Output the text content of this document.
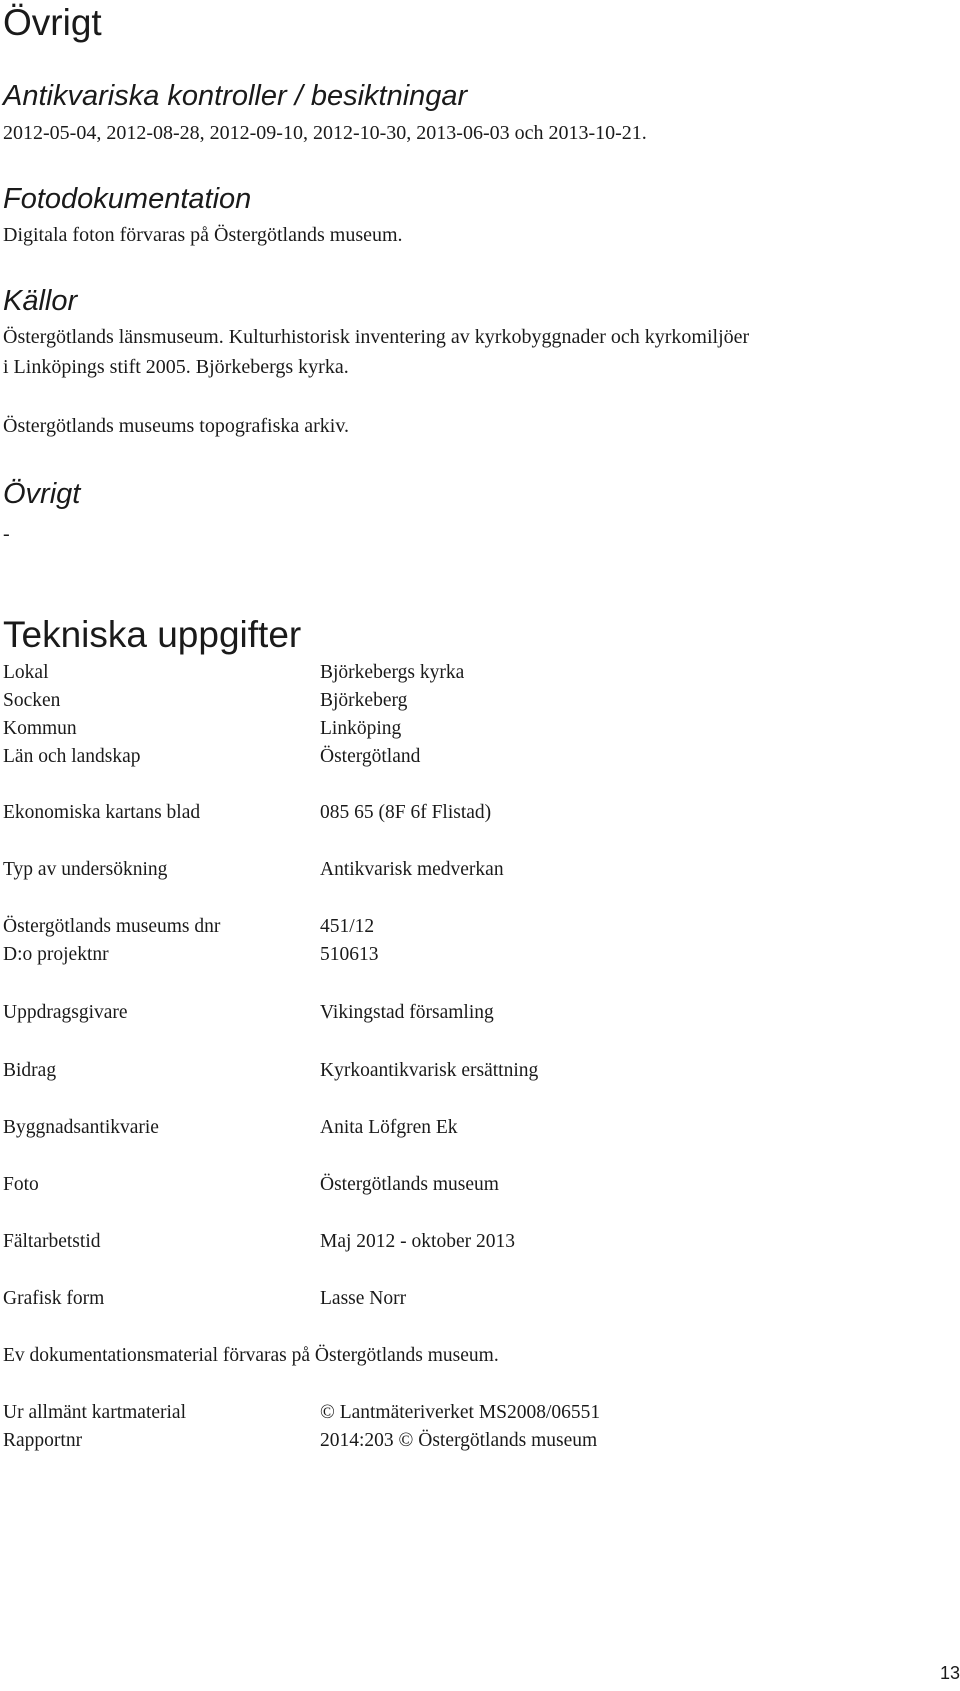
Övrigt
Antikvariska kontroller / besiktningar
2012-05-04, 2012-08-28, 2012-09-10, 2012-10-30, 2013-06-03 och 2013-10-21.
Fotodokumentation
Digitala foton förvaras på Östergötlands museum.
Källor
Östergötlands länsmuseum. Kulturhistorisk inventering av kyrkobyggnader och kyrkomiljöer
i Linköpings stift 2005. Björkebergs kyrka.
Östergötlands museums topografiska arkiv.
Övrigt
-
Tekniska uppgifter
Lokal	Björkebergs kyrka
Socken	Björkeberg
Kommun	Linköping
Län och landskap	Östergötland
Ekonomiska kartans blad	085 65 (8F 6f Flistad)
Typ av undersökning	Antikvarisk medverkan
Östergötlands museums dnr	451/12
D:o projektnr	510613
Uppdragsgivare	Vikingstad församling
Bidrag	Kyrkoantikvarisk ersättning
Byggnadsantikvarie	Anita Löfgren Ek
Foto	Östergötlands museum
Fältarbetstid	Maj 2012 - oktober 2013
Grafisk form	Lasse Norr
Ev dokumentationsmaterial förvaras på Östergötlands museum.
Ur allmänt kartmaterial	© Lantmäteriverket MS2008/06551
Rapportnr	2014:203 © Östergötlands museum
13
